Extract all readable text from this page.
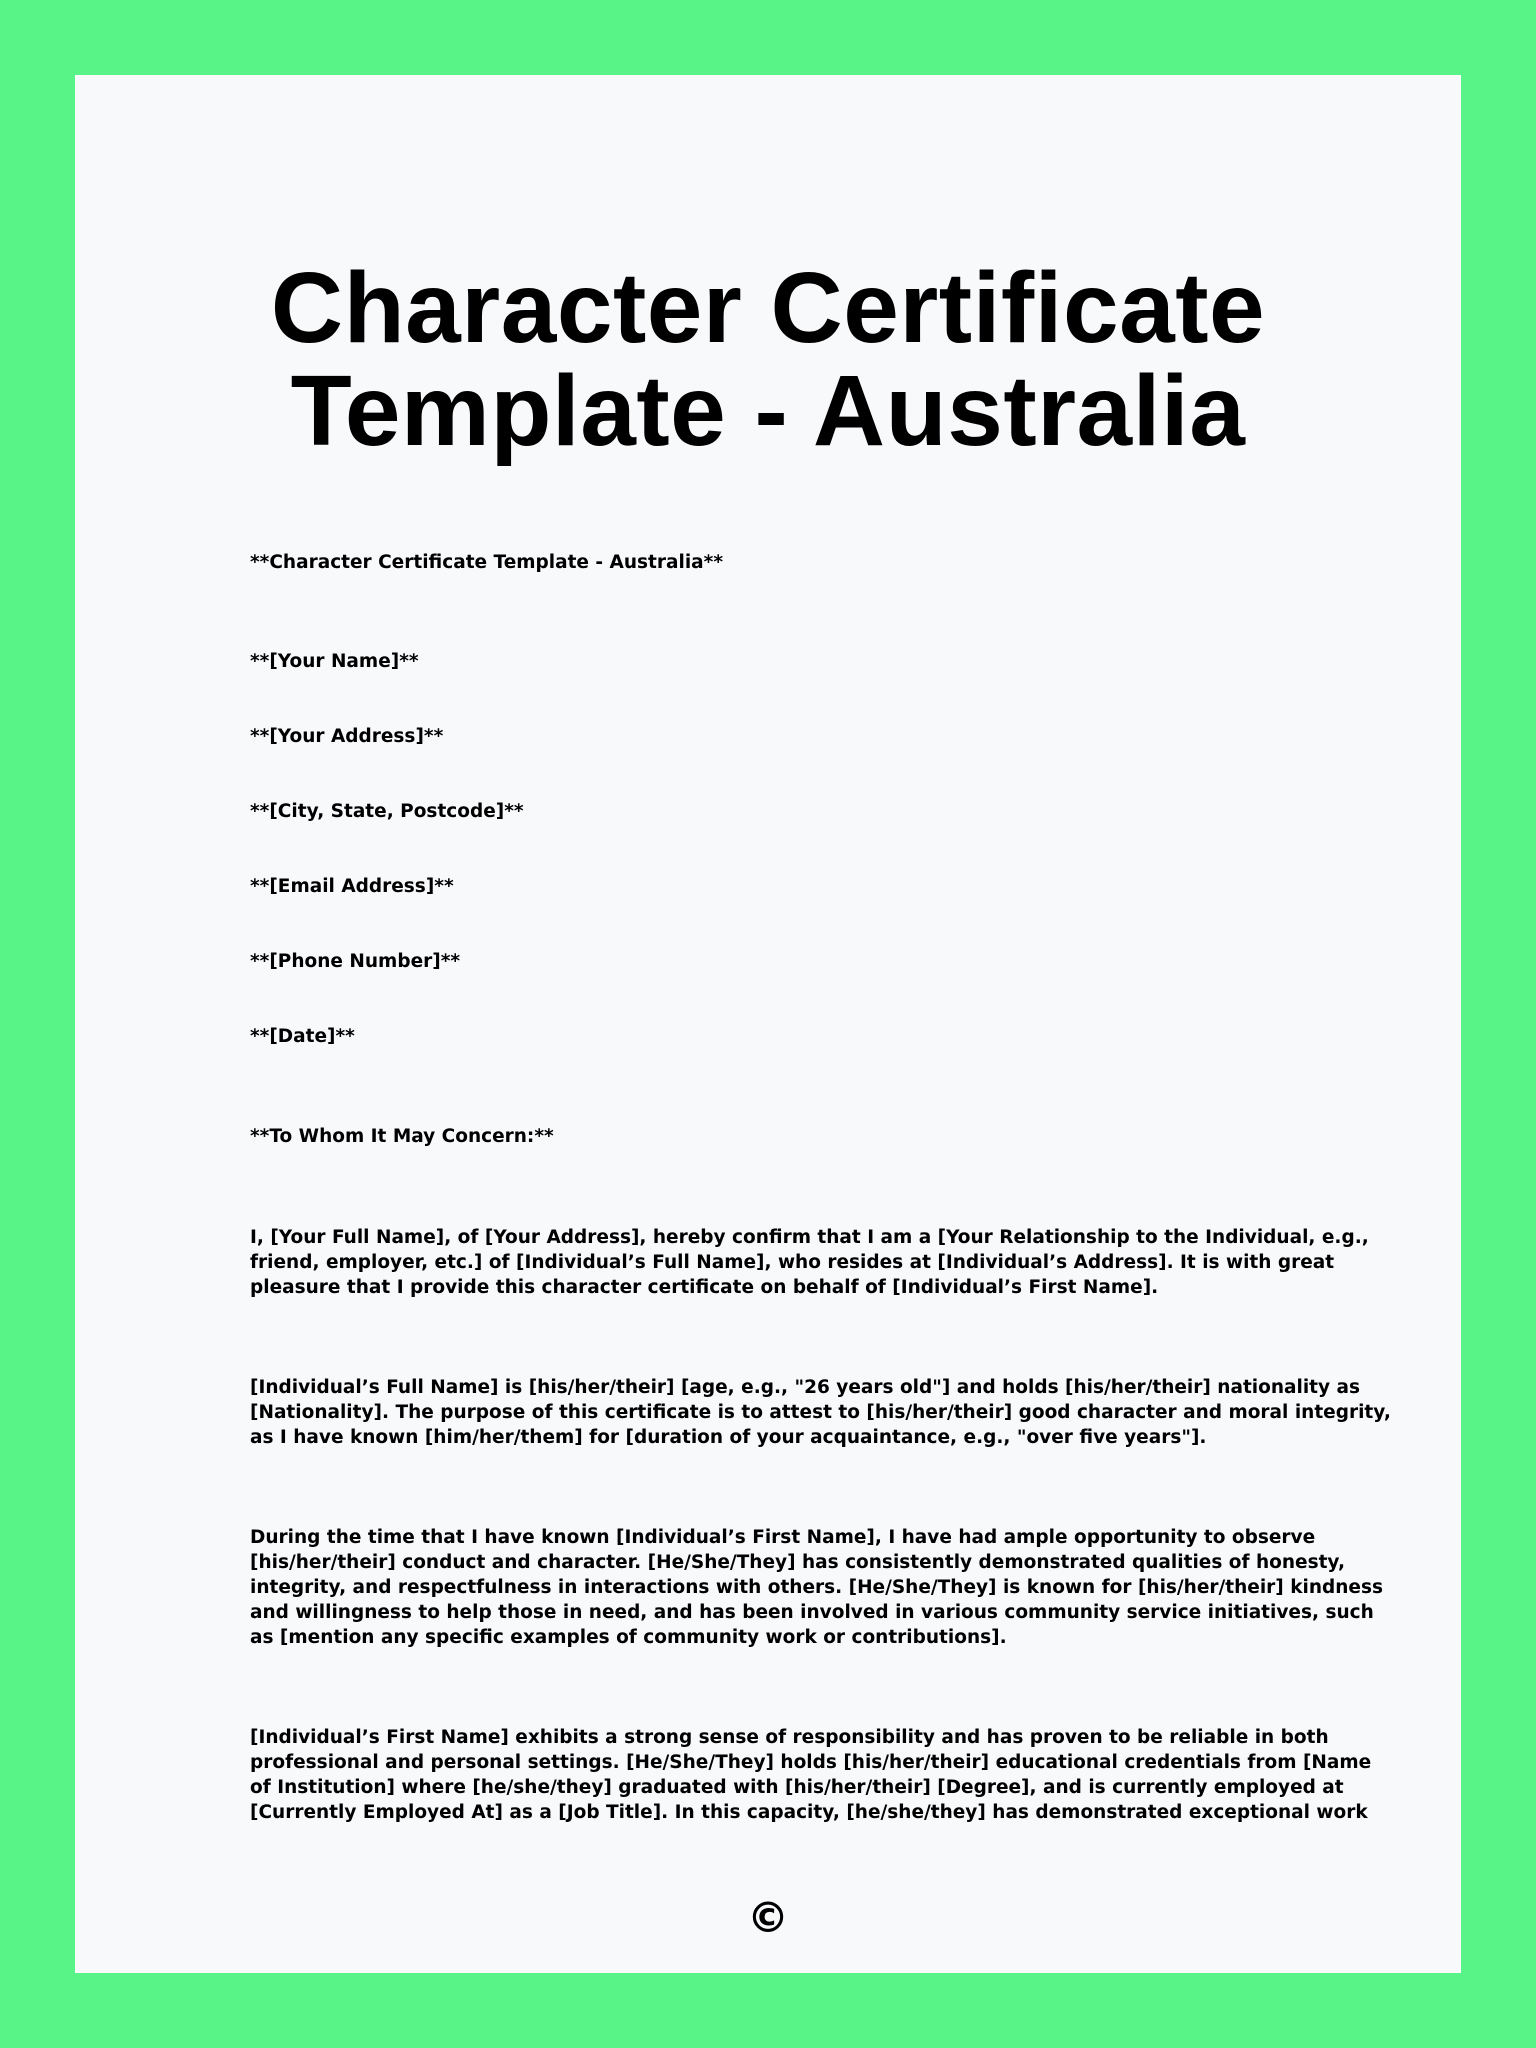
Character Certificate
Template - Australia

**Character Certificate Template - Australia**

**[Your Name]**

**[Your Address]**

**[City, State, Postcode]**

**[Email Address]**

**[Phone Number]**

**[Date]**

**To Whom It May Concern:**

I, [Your Full Name], of [Your Address], hereby confirm that I am a [Your Relationship to the Individual, e.g.,
friend, employer, etc.] of [Individual’s Full Name], who resides at [Individual’s Address]. It is with great
pleasure that I provide this character certificate on behalf of [Individual’s First Name].
[Individual’s Full Name] is [his/her/their] [age, e.g., "26 years old"] and holds [his/her/their] nationality as
[Nationality]. The purpose of this certificate is to attest to [his/her/their] good character and moral integrity,
as I have known [him/her/them] for [duration of your acquaintance, e.g., "over five years"].
During the time that I have known [Individual’s First Name], I have had ample opportunity to observe
[his/her/their] conduct and character. [He/She/They] has consistently demonstrated qualities of honesty,
integrity, and respectfulness in interactions with others. [He/She/They] is known for [his/her/their] kindness
and willingness to help those in need, and has been involved in various community service initiatives, such
as [mention any specific examples of community work or contributions].
[Individual’s First Name] exhibits a strong sense of responsibility and has proven to be reliable in both
professional and personal settings. [He/She/They] holds [his/her/their] educational credentials from [Name
of Institution] where [he/she/they] graduated with [his/her/their] [Degree], and is currently employed at
[Currently Employed At] as a [Job Title]. In this capacity, [he/she/they] has demonstrated exceptional work
©
